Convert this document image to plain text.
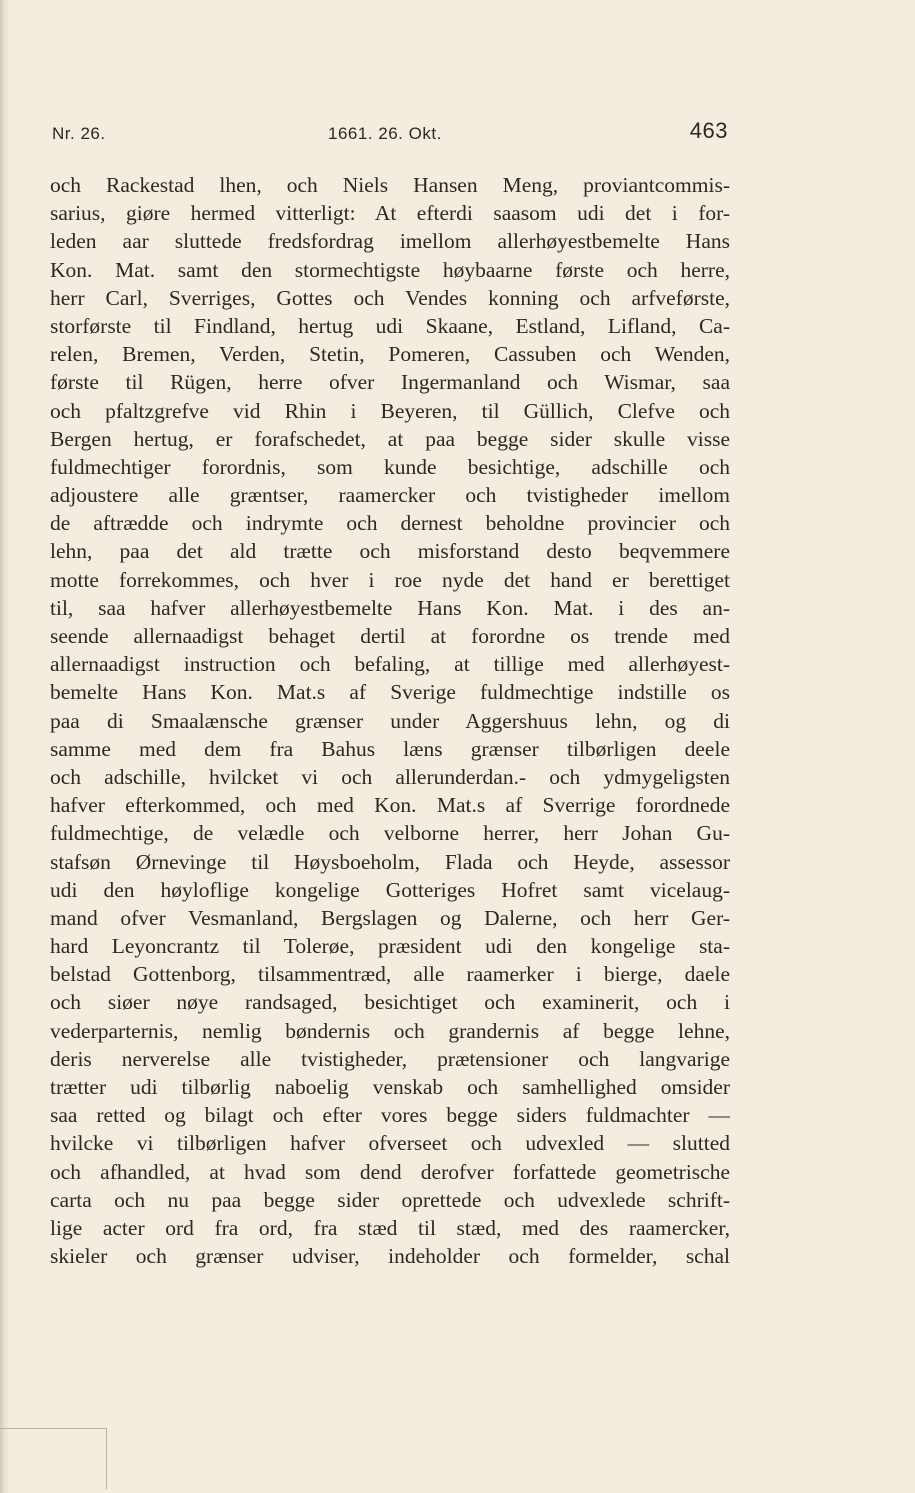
Nr. 26.	1661. 26. Okt.	463
och Rackestad lhen, och Niels Hansen Meng, proviantcommis-
sarius, giøre hermed vitterligt: At efterdi saasom udi det i for-
leden aar sluttede fredsfordrag imellom allerhøyestbemelte Hans
Kon. Mat. samt den stormechtigste høybaarne første och herre,
herr Carl, Sverriges, Gottes och Vendes konning och arfveførste,
storførste til Findland, hertug udi Skaane, Estland, Lifland, Ca-
relen, Bremen, Verden, Stetin, Pomeren, Cassuben och Wenden,
første til Rügen, herre ofver Ingermanland och Wismar, saa
och pfaltzgrefve vid Rhin i Beyeren, til Güllich, Clefve och
Bergen hertug, er forafschedet, at paa begge sider skulle visse
fuldmechtiger forordnis, som kunde besichtige, adschille och
adjoustere alle græntser, raamercker och tvistigheder imellom
de aftrædde och indrymte och dernest beholdne provincier och
lehn, paa det ald trætte och misforstand desto beqvemmere
motte forrekommes, och hver i roe nyde det hand er berettiget
til, saa hafver allerhøyestbemelte Hans Kon. Mat. i des an-
seende allernaadigst behaget dertil at forordne os trende med
allernaadigst instruction och befaling, at tillige med allerhøyest-
bemelte Hans Kon. Mat.s af Sverige fuldmechtige indstille os
paa di Smaalænsche grænser under Aggershuus lehn, og di
samme med dem fra Bahus læns grænser tilbørligen deele
och adschille, hvilcket vi och allerunderdan.- och ydmygeligsten
hafver efterkommed, och med Kon. Mat.s af Sverrige forordnede
fuldmechtige, de velædle och velborne herrer, herr Johan Gu-
stafsøn Ørnevinge til Høysboeholm, Flada och Heyde, assessor
udi den høyloflige kongelige Gotteriges Hofret samt vicelaug-
mand ofver Vesmanland, Bergslagen og Dalerne, och herr Ger-
hard Leyoncrantz til Tolerøe, præsident udi den kongelige sta-
belstad Gottenborg, tilsammentræd, alle raamerker i bierge, daele
och siøer nøye randsaged, besichtiget och examinerit, och i
vederparternis, nemlig bøndernis och grandernis af begge lehne,
deris nerverelse alle tvistigheder, prætensioner och langvarige
trætter udi tilbørlig naboelig venskab och samhellighed omsider
saa retted og bilagt och efter vores begge siders fuldmachter —
hvilcke vi tilbørligen hafver ofverseet och udvexled — slutted
och afhandled, at hvad som dend derofver forfattede geometrische
carta och nu paa begge sider oprettede och udvexlede schrift-
lige acter ord fra ord, fra stæd til stæd, med des raamercker,
skieler och grænser udviser, indeholder och formelder, schal
